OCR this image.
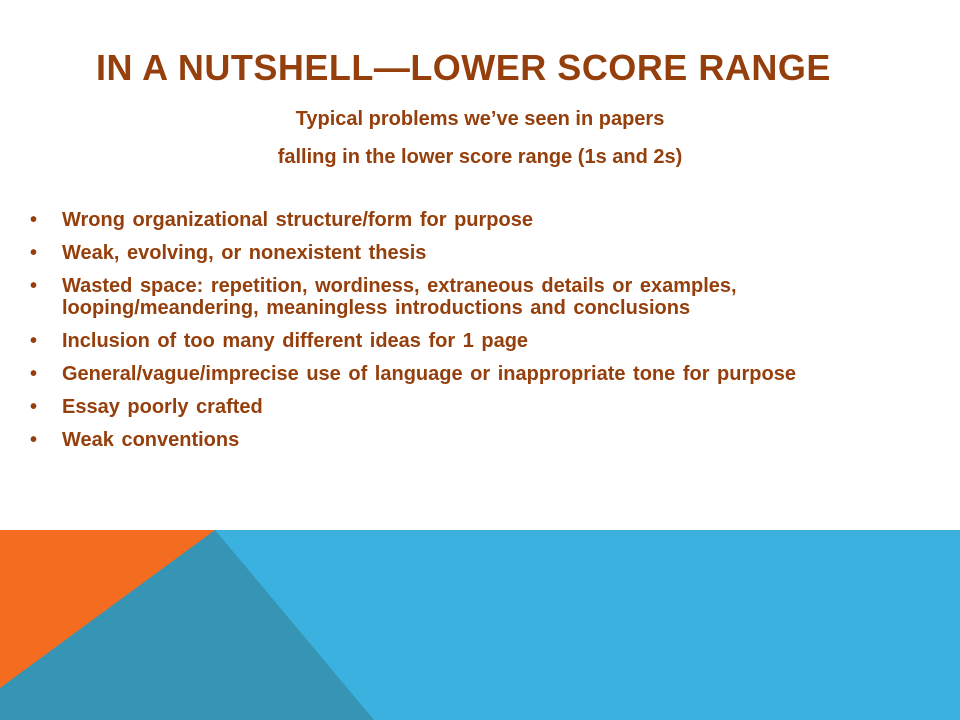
IN A NUTSHELL—LOWER SCORE RANGE

Typical problems we’ve seen in papers

falling in the lower score range (1s and 2s)

• Wrong organizational structure/form for purpose
• Weak, evolving, or nonexistent thesis
• Wasted space: repetition, wordiness, extraneous details or examples, looping/meandering, meaningless introductions and conclusions
• Inclusion of too many different ideas for 1 page
• General/vague/imprecise use of language or inappropriate tone for purpose
• Essay poorly crafted
• Weak conventions
